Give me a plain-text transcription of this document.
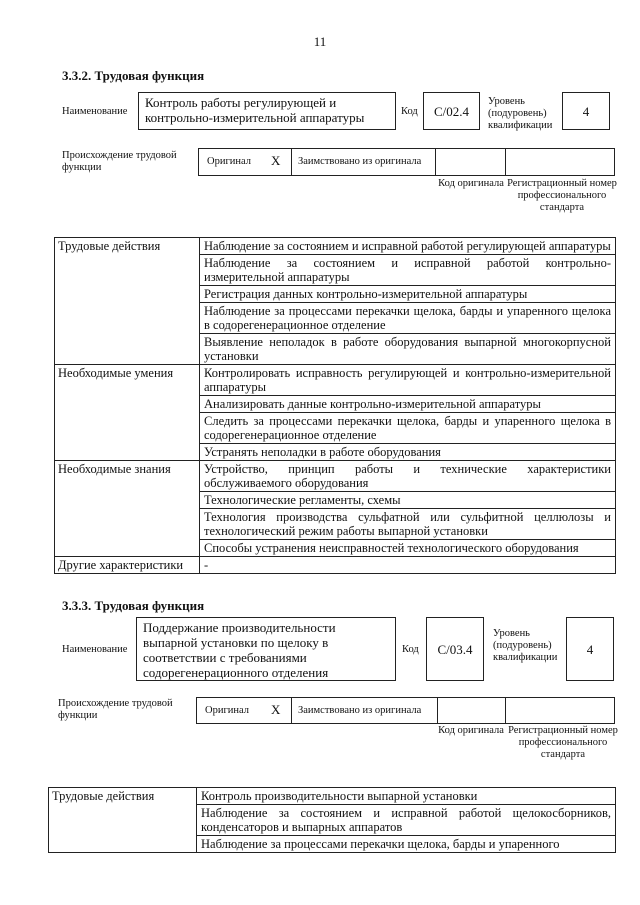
11
3.3.2. Трудовая функция
Наименование
Контроль работы регулирующей и контрольно-измерительной аппаратуры	Код С/02.4
Уровень (подуровень) квалификации
4
Происхождение трудовой функции
Оригинал X Заимствовано из оригинала
Код оригинала Регистрационный номер профессионального стандарта
Трудовые действия	Наблюдение за состоянием и исправной работой регулирующей аппаратуры
	Наблюдение за состоянием и исправной работой контрольно-измерительной аппаратуры
	Регистрация данных контрольно-измерительной аппаратуры
	Наблюдение за процессами перекачки щелока, барды и упаренного щелока в содорегенерационное отделение
	Выявление неполадок в работе оборудования выпарной многокорпусной установки
Необходимые умения	Контролировать исправность регулирующей и контрольно-измерительной аппаратуры
	Анализировать данные контрольно-измерительной аппаратуры
	Следить за процессами перекачки щелока, барды и упаренного щелока в содорегенерационное отделение
	Устранять неполадки в работе оборудования
Необходимые знания	Устройство, принцип работы и технические характеристики обслуживаемого оборудования
	Технологические регламенты, схемы
	Технология производства сульфатной или сульфитной целлюлозы и технологический режим работы выпарной установки
	Способы устранения неисправностей технологического оборудования
Другие характеристики	-
3.3.3. Трудовая функция
Наименование
Поддержание производительности выпарной установки по щелоку в соответствии с требованиями содорегенерационного отделения
Код С/03.4
Уровень (подуровень) квалификации
4
Происхождение трудовой функции	Оригинал X Заимствовано из оригинала
Код оригинала Регистрационный номер профессионального стандарта
Трудовые действия	Контроль производительности выпарной установки
Наблюдение за состоянием и исправной работой щелокосборников, конденсаторов и выпарных аппаратов
Наблюдение за процессами перекачки щелока, барды и упаренного
